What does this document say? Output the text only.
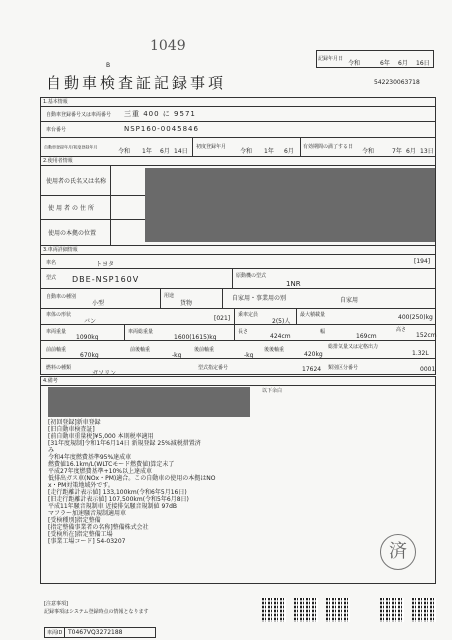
1049
B
記録年月日
令和	6年 6月 16日
自動車検査証記録事項	542230063718
1.基本情報
自動車登録番号又は車両番号 三重 400 に 9571
車台番号	NSP160-0045846
自動車登録年月/初度登録年月
令和 1年 6月 14日
初度登録年月
令和 1年 6月
有効期間の満了する日
令和	7年 6月 13日
2.使用者情報
使用者の氏名又は名称
使用者の住所
使用の本拠の位置
3.車両詳細情報
車名	トヨタ	[194]
型式 DBE-NSP160V	原動機の型式
1NR
自動車の種別
小型
用途
貨物
自家用・事業用の別	自家用
車体の形状
バン	[021] 乗車定員
2(5)人
最大積載量	400(250)kg
車両重量
1090kg
車両総重量
1600(1615)kg
長さ
424cm
幅
169cm
高さ
152cm
前前軸重
670kg
前後軸重
-kg
後前軸重
-kg
後後軸重
420kg
総排気量又は定格出力
1.32L
燃料の種類
ガソリン
型式指定番号	17624 類別区分番号	0001
4.備考
以下余白
[初回登録]新車登録
[旧自動車検査証]
[前自動車重量税]¥5,000 本則税率適用
[31年度規制]令和1年6月14日 新規登録 25%減税措置済
み
令和4年度燃費基準95%達成車
燃費値16.1km/L(WLTCモード燃費値)算定未了
平成27年度燃費基準+10%以上達成車
低排出ガス車(NOx・PM)適合。この自動車の使用の本拠はNO
x・PM対策地域外です。
[走行距離計表示値] 133,100km(令和6年5月16日)
[旧走行距離計表示値] 107,500km(令和5年6月8日)
平成11年騒音規制車 近接排気騒音規制値 97dB
マフラー加速騒音規制適用車
[受検種別]指定整備
[指定整備事業者の名称]整備株式会社
[受検所在]指定整備工場
[事業工場コード] 54-03207	済
[注意事項]
記録事項はシステム登録時点の情報となります
車両ID T0467VQ3272188
